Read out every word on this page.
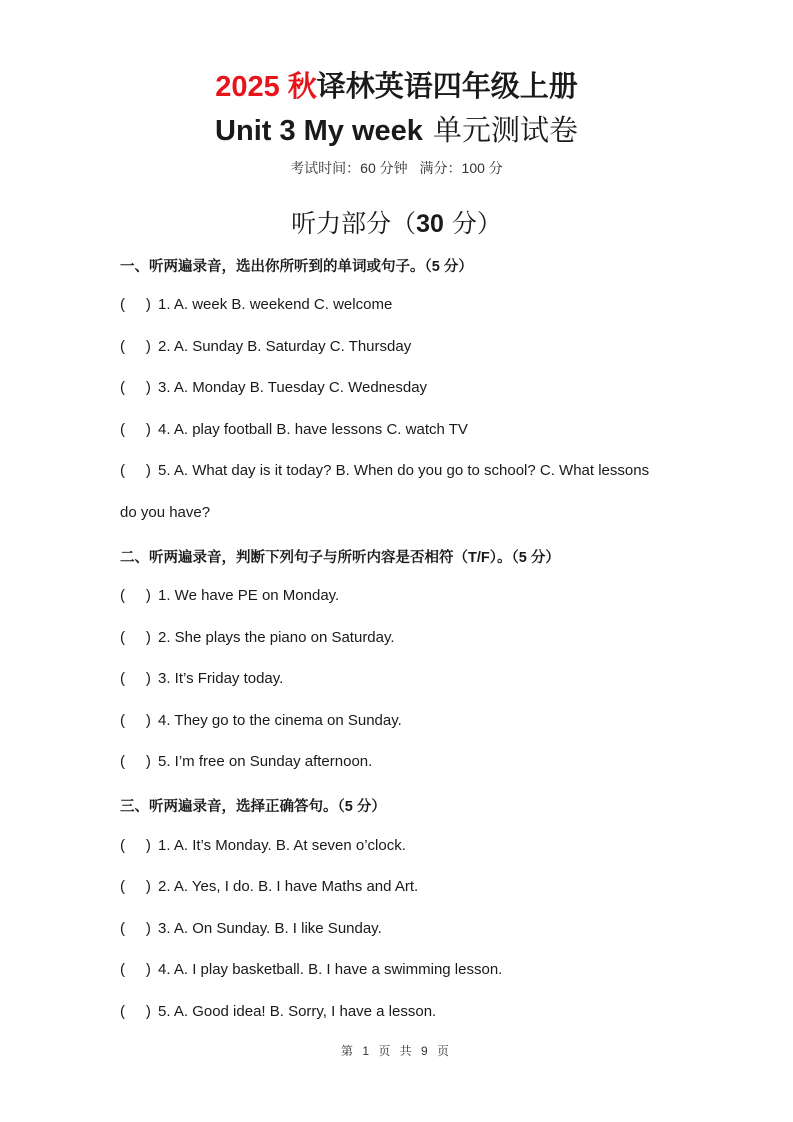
2025 秋译林英语四年级上册
Unit 3 My week 单元测试卷
考试时间：60 分钟 满分：100 分
听力部分（30 分）
一、听两遍录音，选出你所听到的单词或句子。（5 分）
(     ) 1. A. week B. weekend C. welcome
(     ) 2. A. Sunday B. Saturday C. Thursday
(     ) 3. A. Monday B. Tuesday C. Wednesday
(     ) 4. A. play football B. have lessons C. watch TV
(     ) 5. A. What day is it today? B. When do you go to school? C. What lessons
do you have?
二、听两遍录音，判断下列句子与所听内容是否相符（T/F）。（5 分）
(     ) 1. We have PE on Monday.
(     ) 2. She plays the piano on Saturday.
(     ) 3. It’s Friday today.
(     ) 4. They go to the cinema on Sunday.
(     ) 5. I’m free on Sunday afternoon.
三、听两遍录音，选择正确答句。（5 分）
(     ) 1. A. It’s Monday. B. At seven o’clock.
(     ) 2. A. Yes, I do. B. I have Maths and Art.
(     ) 3. A. On Sunday. B. I like Sunday.
(     ) 4. A. I play basketball. B. I have a swimming lesson.
(     ) 5. A. Good idea! B. Sorry, I have a lesson.
第 1 页 共 9 页
